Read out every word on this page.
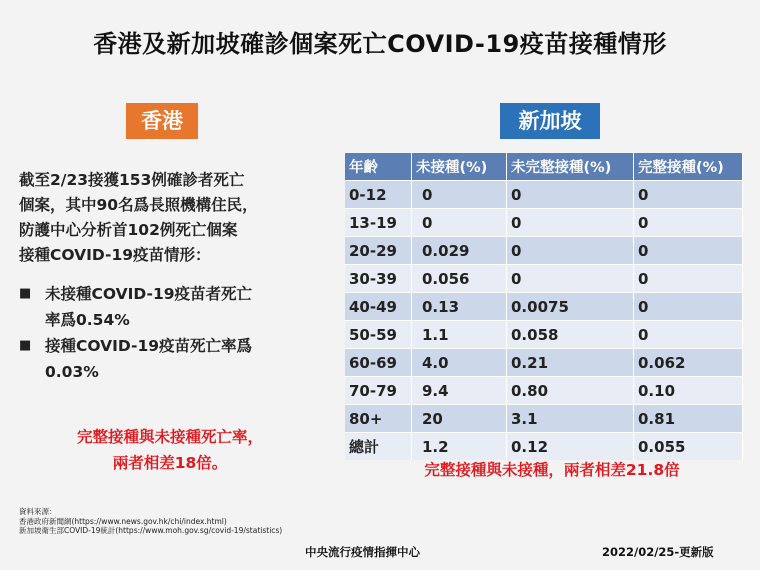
香港及新加坡確診個案死亡COVID-19疫苗接種情形
香港	新加坡
截至2/23接獲153例確診者死亡
個案，其中90名爲長照機構住民，
防護中心分析首102例死亡個案
接種COVID-19疫苗情形：
■ 未接種COVID-19疫苗者死亡
率爲0.54%
■ 接種COVID-19疫苗死亡率爲
0.03%
完整接種與未接種死亡率，
兩者相差18倍。
年齡	未接種(%)	未完整接種(%)	完整接種(%)
0-12	0	0	0
13-19	0	0	0
20-29	0.029	0	0
30-39	0.056	0	0
40-49	0.13	0.0075	0
50-59	1.1	0.058	0
60-69	4.0	0.21	0.062
70-79	9.4	0.80	0.10
80+	20	3.1	0.81
總計	1.2	0.12	0.055
完整接種與未接種，兩者相差21.8倍
資料來源：
香港政府新聞網(https://www.news.gov.hk/chi/index.html)
新加坡衛生部COVID-19統計(https://www.moh.gov.sg/covid-19/statistics)
中央流行疫情指揮中心	2022/02/25-更新版
